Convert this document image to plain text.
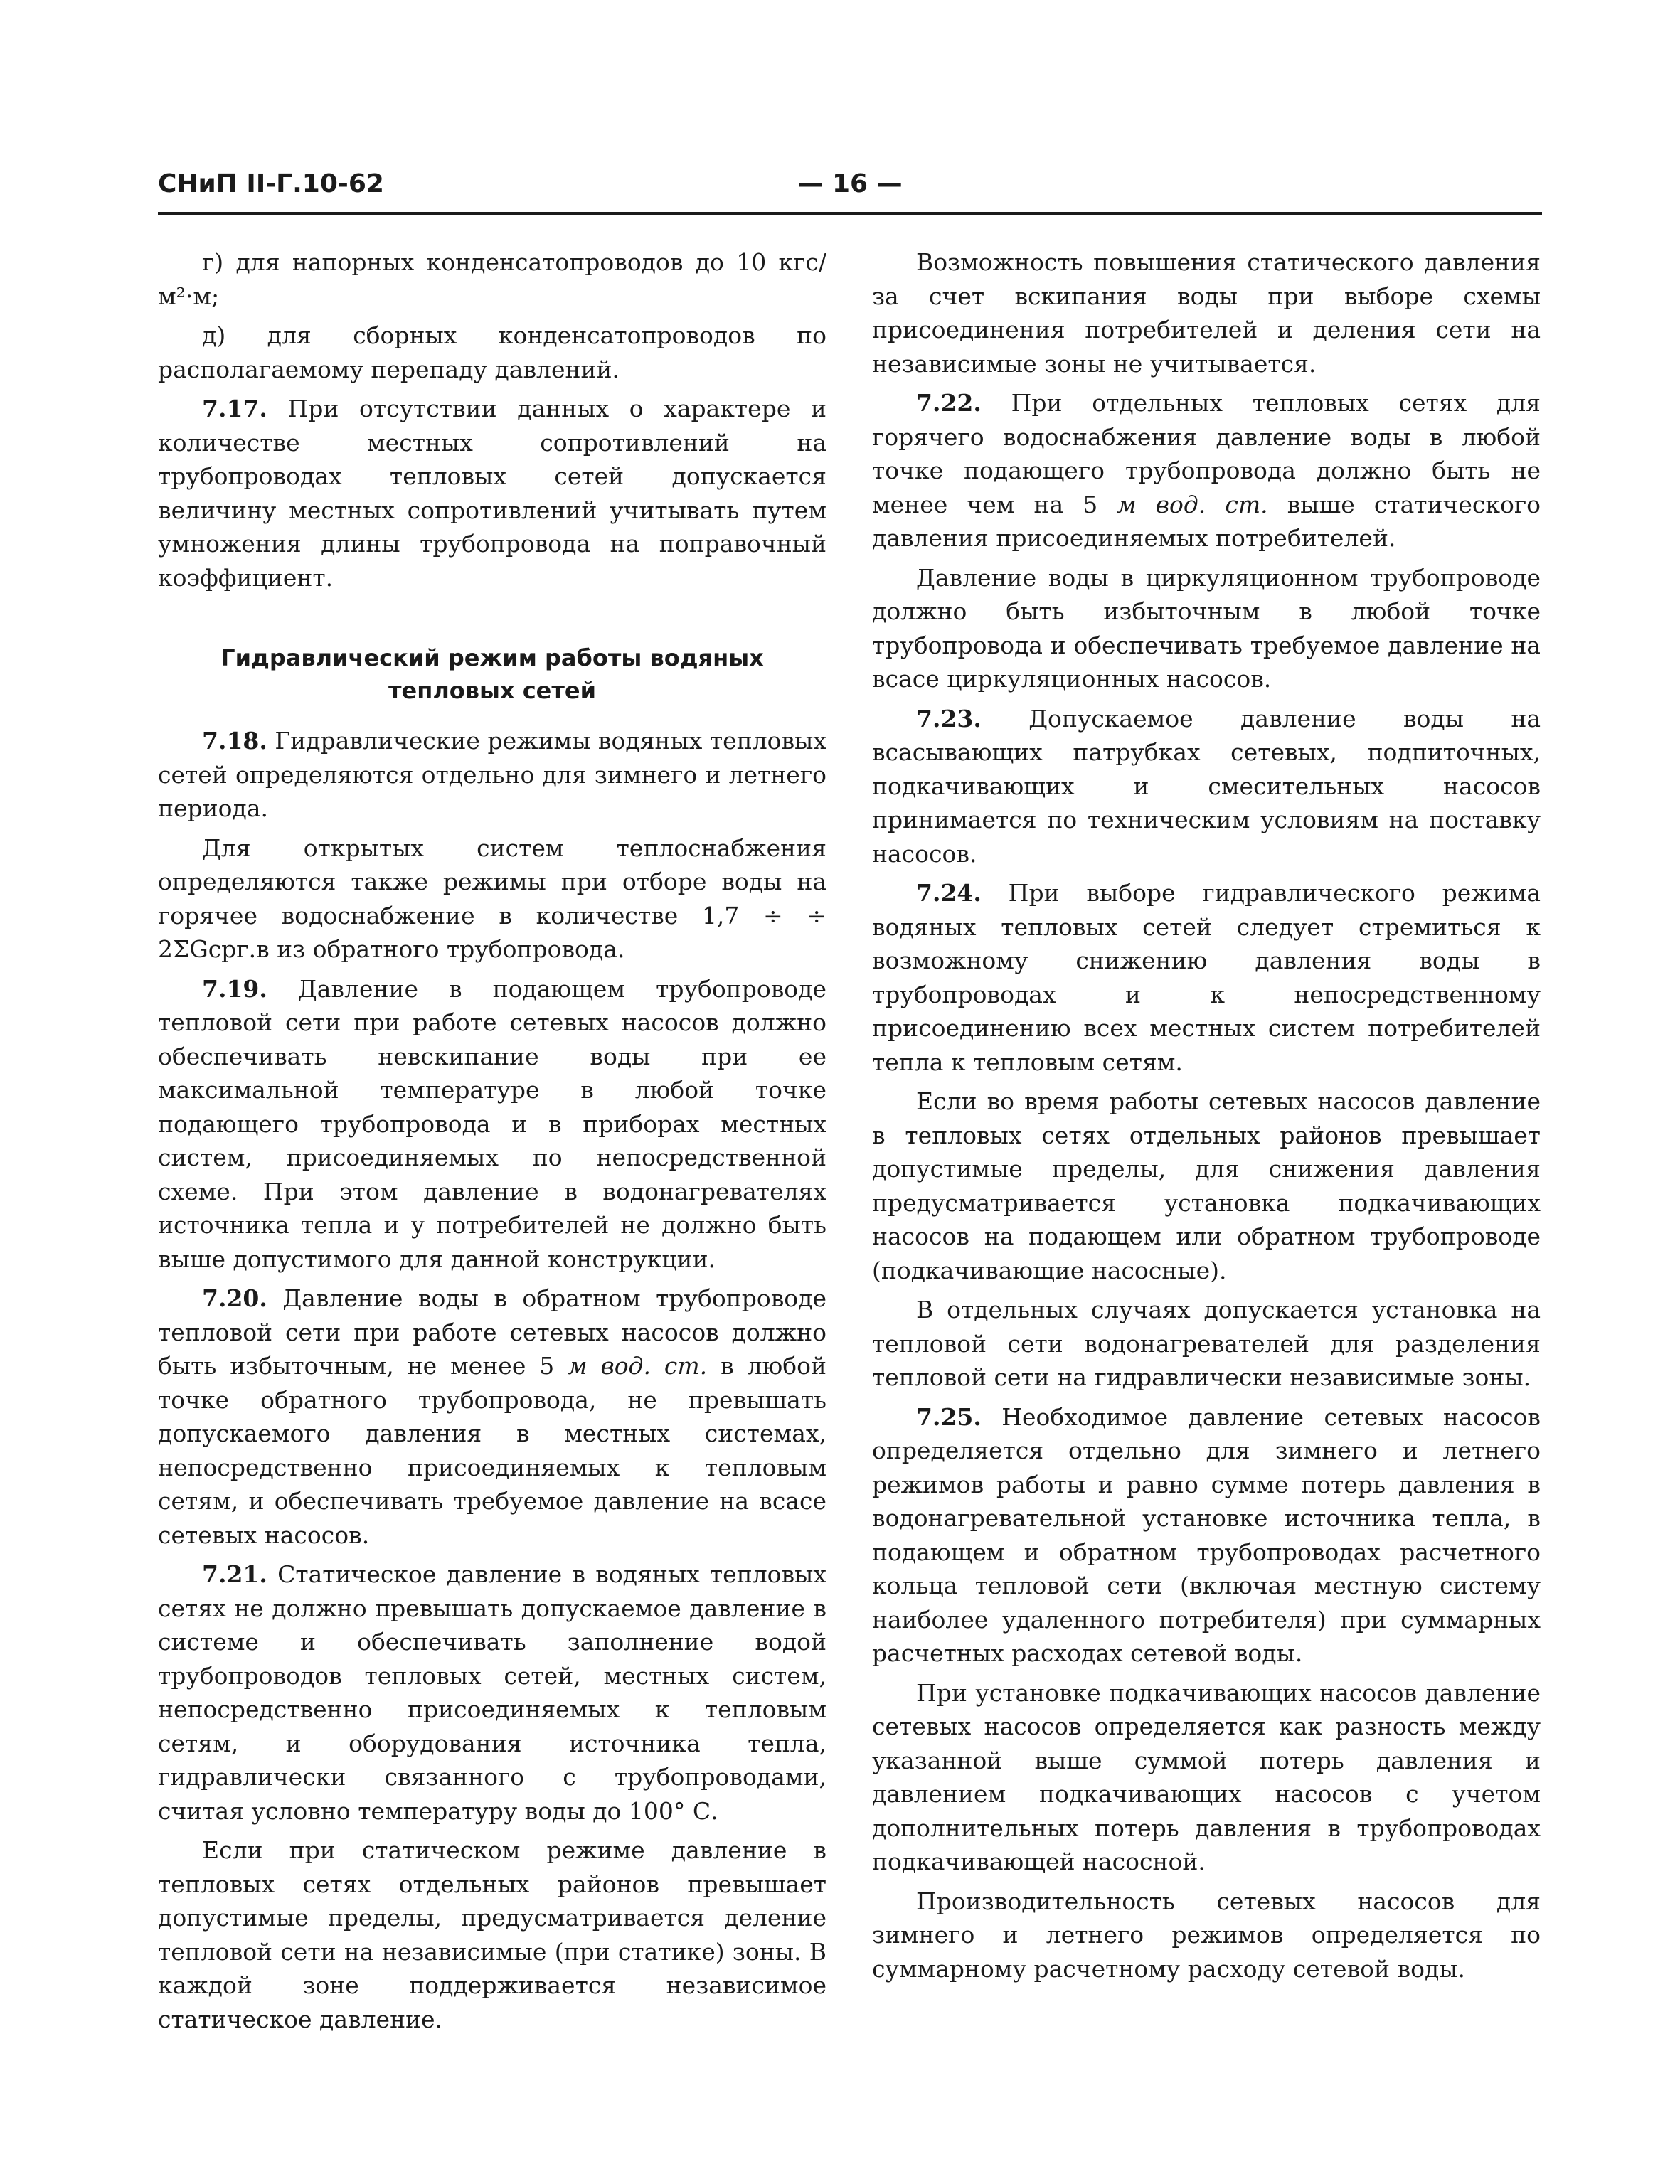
СНиП II-Г.10-62	— 16 —

г) для напорных конденсатопроводов до 10 кгс/м²·м;

д) для сборных конденсатопроводов по располагаемому перепаду давлений.

7.17. При отсутствии данных о характере и количестве местных сопротивлений на трубопроводах тепловых сетей допускается величину местных сопротивлений учитывать путем умножения длины трубопровода на поправочный коэффициент.

Гидравлический режим работы водяных тепловых сетей

7.18. Гидравлические режимы водяных тепловых сетей определяются отдельно для зимнего и летнего периода.

Для открытых систем теплоснабжения определяются также режимы при отборе воды на горячее водоснабжение в количестве 1,7 ÷ ÷ 2ΣGсрг.в из обратного трубопровода.

7.19. Давление в подающем трубопроводе тепловой сети при работе сетевых насосов должно обеспечивать невскипание воды при ее максимальной температуре в любой точке подающего трубопровода и в приборах местных систем, присоединяемых по непосредственной схеме. При этом давление в водонагревателях источника тепла и у потребителей не должно быть выше допустимого для данной конструкции.

7.20. Давление воды в обратном трубопроводе тепловой сети при работе сетевых насосов должно быть избыточным, не менее 5 м вод. ст. в любой точке обратного трубопровода, не превышать допускаемого давления в местных системах, непосредственно присоединяемых к тепловым сетям, и обеспечивать требуемое давление на всасе сетевых насосов.

7.21. Статическое давление в водяных тепловых сетях не должно превышать допускаемое давление в системе и обеспечивать заполнение водой трубопроводов тепловых сетей, местных систем, непосредственно присоединяемых к тепловым сетям, и оборудования источника тепла, гидравлически связанного с трубопроводами, считая условно температуру воды до 100° С.

Если при статическом режиме давление в тепловых сетях отдельных районов превышает допустимые пределы, предусматривается деление тепловой сети на независимые (при статике) зоны. В каждой зоне поддерживается независимое статическое давление.

Возможность повышения статического давления за счет вскипания воды при выборе схемы присоединения потребителей и деления сети на независимые зоны не учитывается.

7.22. При отдельных тепловых сетях для горячего водоснабжения давление воды в любой точке подающего трубопровода должно быть не менее чем на 5 м вод. ст. выше статического давления присоединяемых потребителей.

Давление воды в циркуляционном трубопроводе должно быть избыточным в любой точке трубопровода и обеспечивать требуемое давление на всасе циркуляционных насосов.

7.23. Допускаемое давление воды на всасывающих патрубках сетевых, подпиточных, подкачивающих и смесительных насосов принимается по техническим условиям на поставку насосов.

7.24. При выборе гидравлического режима водяных тепловых сетей следует стремиться к возможному снижению давления воды в трубопроводах и к непосредственному присоединению всех местных систем потребителей тепла к тепловым сетям.

Если во время работы сетевых насосов давление в тепловых сетях отдельных районов превышает допустимые пределы, для снижения давления предусматривается установка подкачивающих насосов на подающем или обратном трубопроводе (подкачивающие насосные).

В отдельных случаях допускается установка на тепловой сети водонагревателей для разделения тепловой сети на гидравлически независимые зоны.

7.25. Необходимое давление сетевых насосов определяется отдельно для зимнего и летнего режимов работы и равно сумме потерь давления в водонагревательной установке источника тепла, в подающем и обратном трубопроводах расчетного кольца тепловой сети (включая местную систему наиболее удаленного потребителя) при суммарных расчетных расходах сетевой воды.

При установке подкачивающих насосов давление сетевых насосов определяется как разность между указанной выше суммой потерь давления и давлением подкачивающих насосов с учетом дополнительных потерь давления в трубопроводах подкачивающей насосной.

Производительность сетевых насосов для зимнего и летнего режимов определяется по суммарному расчетному расходу сетевой воды.
